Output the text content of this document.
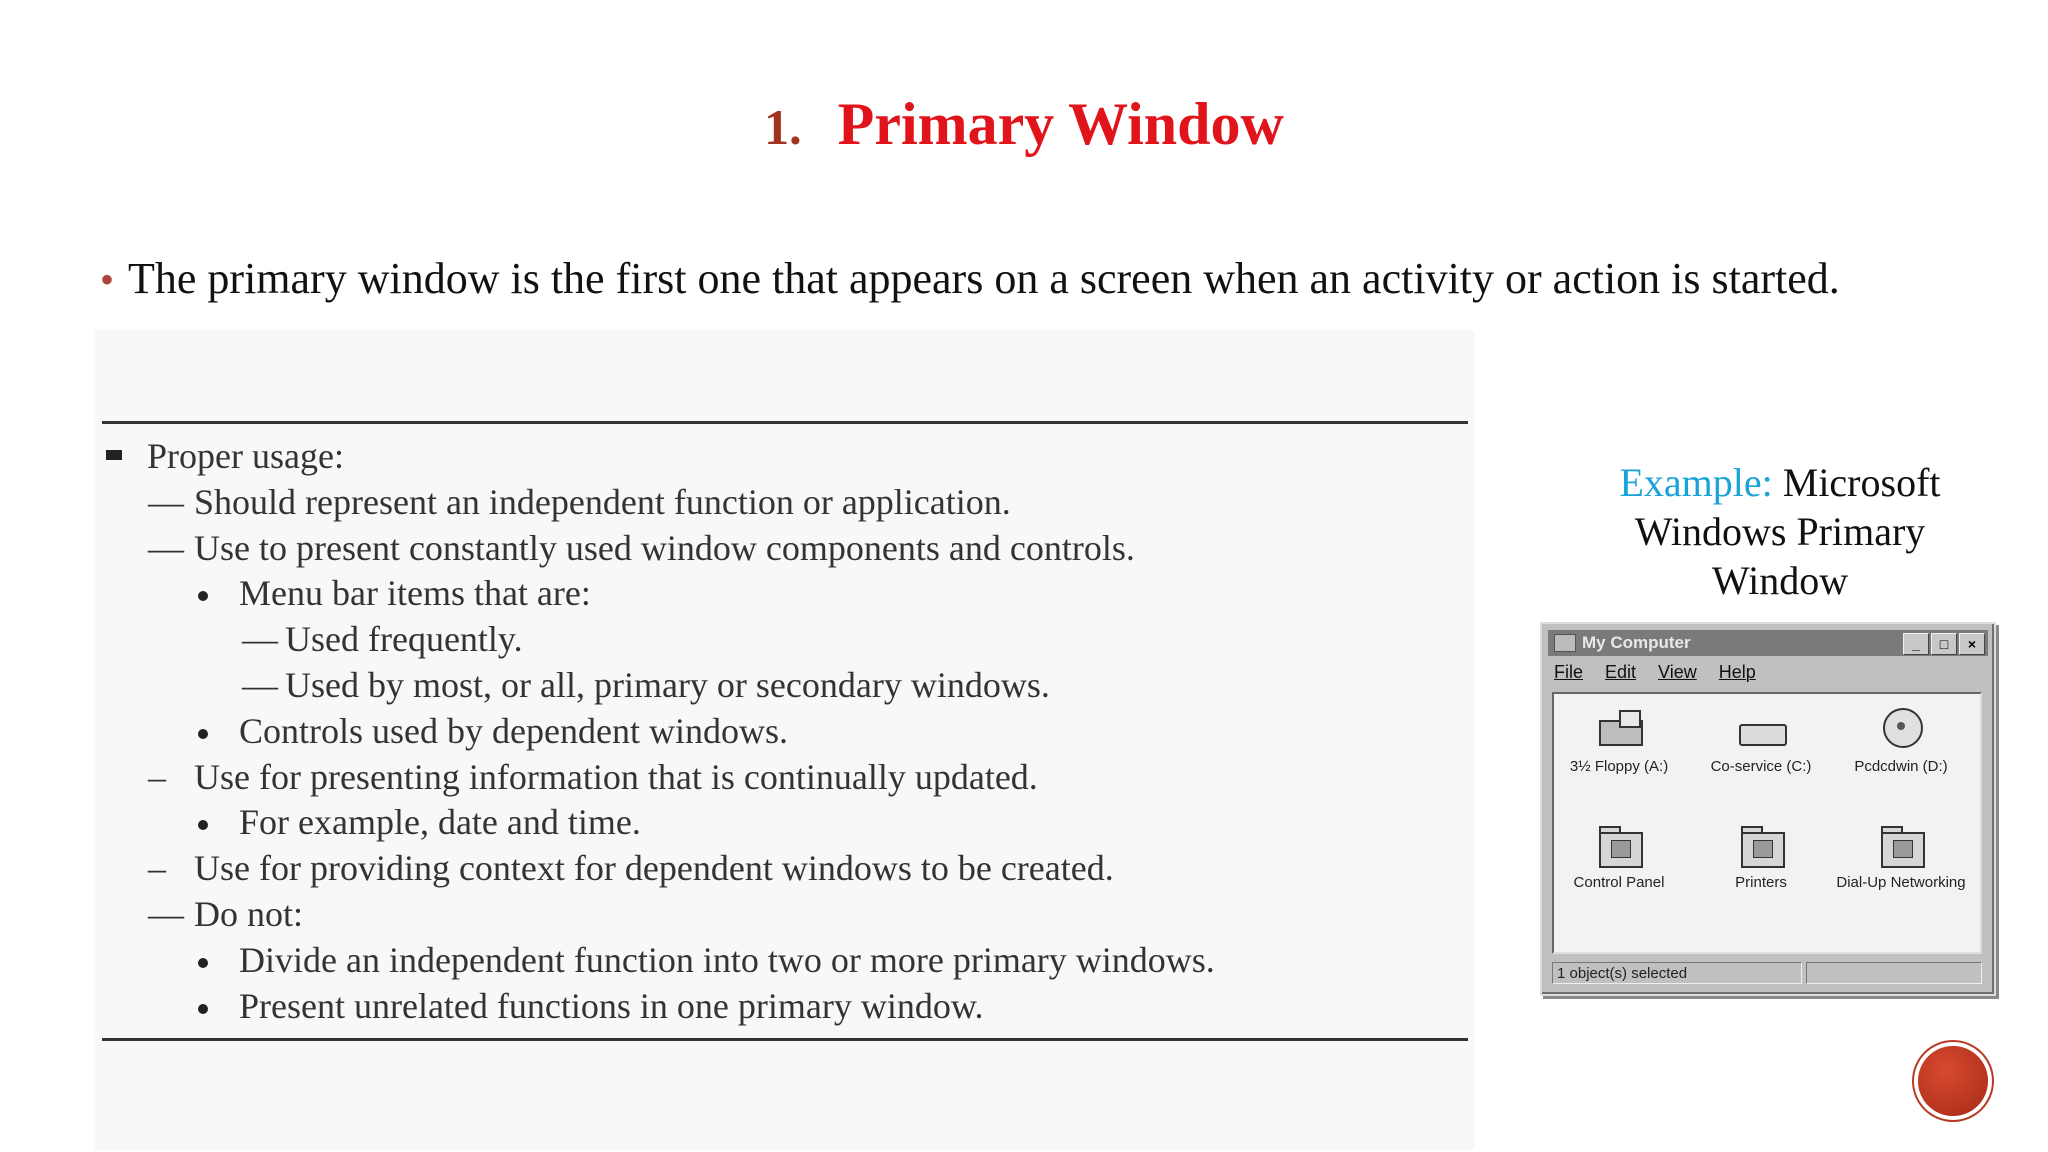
1. Primary Window
• The primary window is the first one that appears on a screen when an activity or action is started.
Proper usage:
— Should represent an independent function or application.
— Use to present constantly used window components and controls.
Menu bar items that are:
— Used frequently.
— Used by most, or all, primary or secondary windows.
Controls used by dependent windows.
– Use for presenting information that is continually updated.
For example, date and time.
– Use for providing context for dependent windows to be created.
— Do not:
Divide an independent function into two or more primary windows.
Present unrelated functions in one primary window.
Example: Microsoft
Windows Primary
Window
My Computer	_	□	×
File Edit View Help
3½ Floppy (A:)	Co-service (C:)	Pcdcdwin (D:)
Control Panel	Printers	Dial-Up Networking
1 object(s) selected
